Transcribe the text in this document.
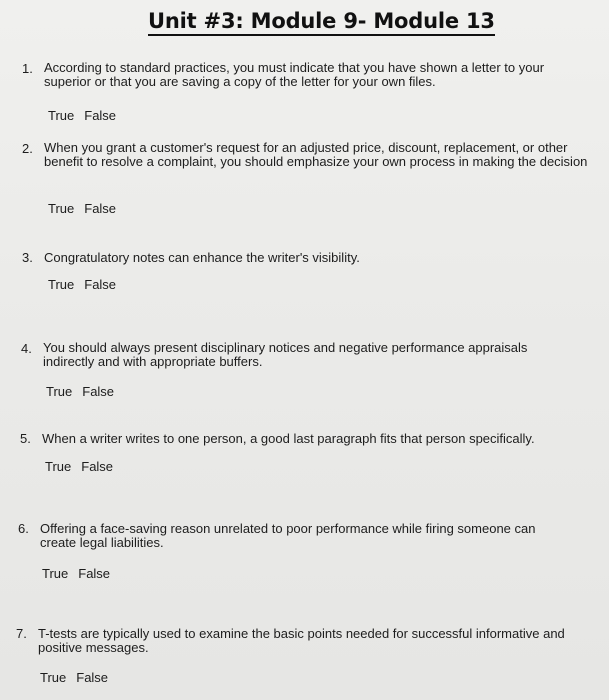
Unit #3: Module 9- Module 13
1. According to standard practices, you must indicate that you have shown a letter to your superior or that you are saving a copy of the letter for your own files.
True False
2. When you grant a customer's request for an adjusted price, discount, replacement, or other benefit to resolve a complaint, you should emphasize your own process in making the decision
True False
3. Congratulatory notes can enhance the writer's visibility.
True False
4. You should always present disciplinary notices and negative performance appraisals indirectly and with appropriate buffers.
True False
5. When a writer writes to one person, a good last paragraph fits that person specifically.
True False
6. Offering a face-saving reason unrelated to poor performance while firing someone can create legal liabilities.
True False
7. T-tests are typically used to examine the basic points needed for successful informative and positive messages.
True False
